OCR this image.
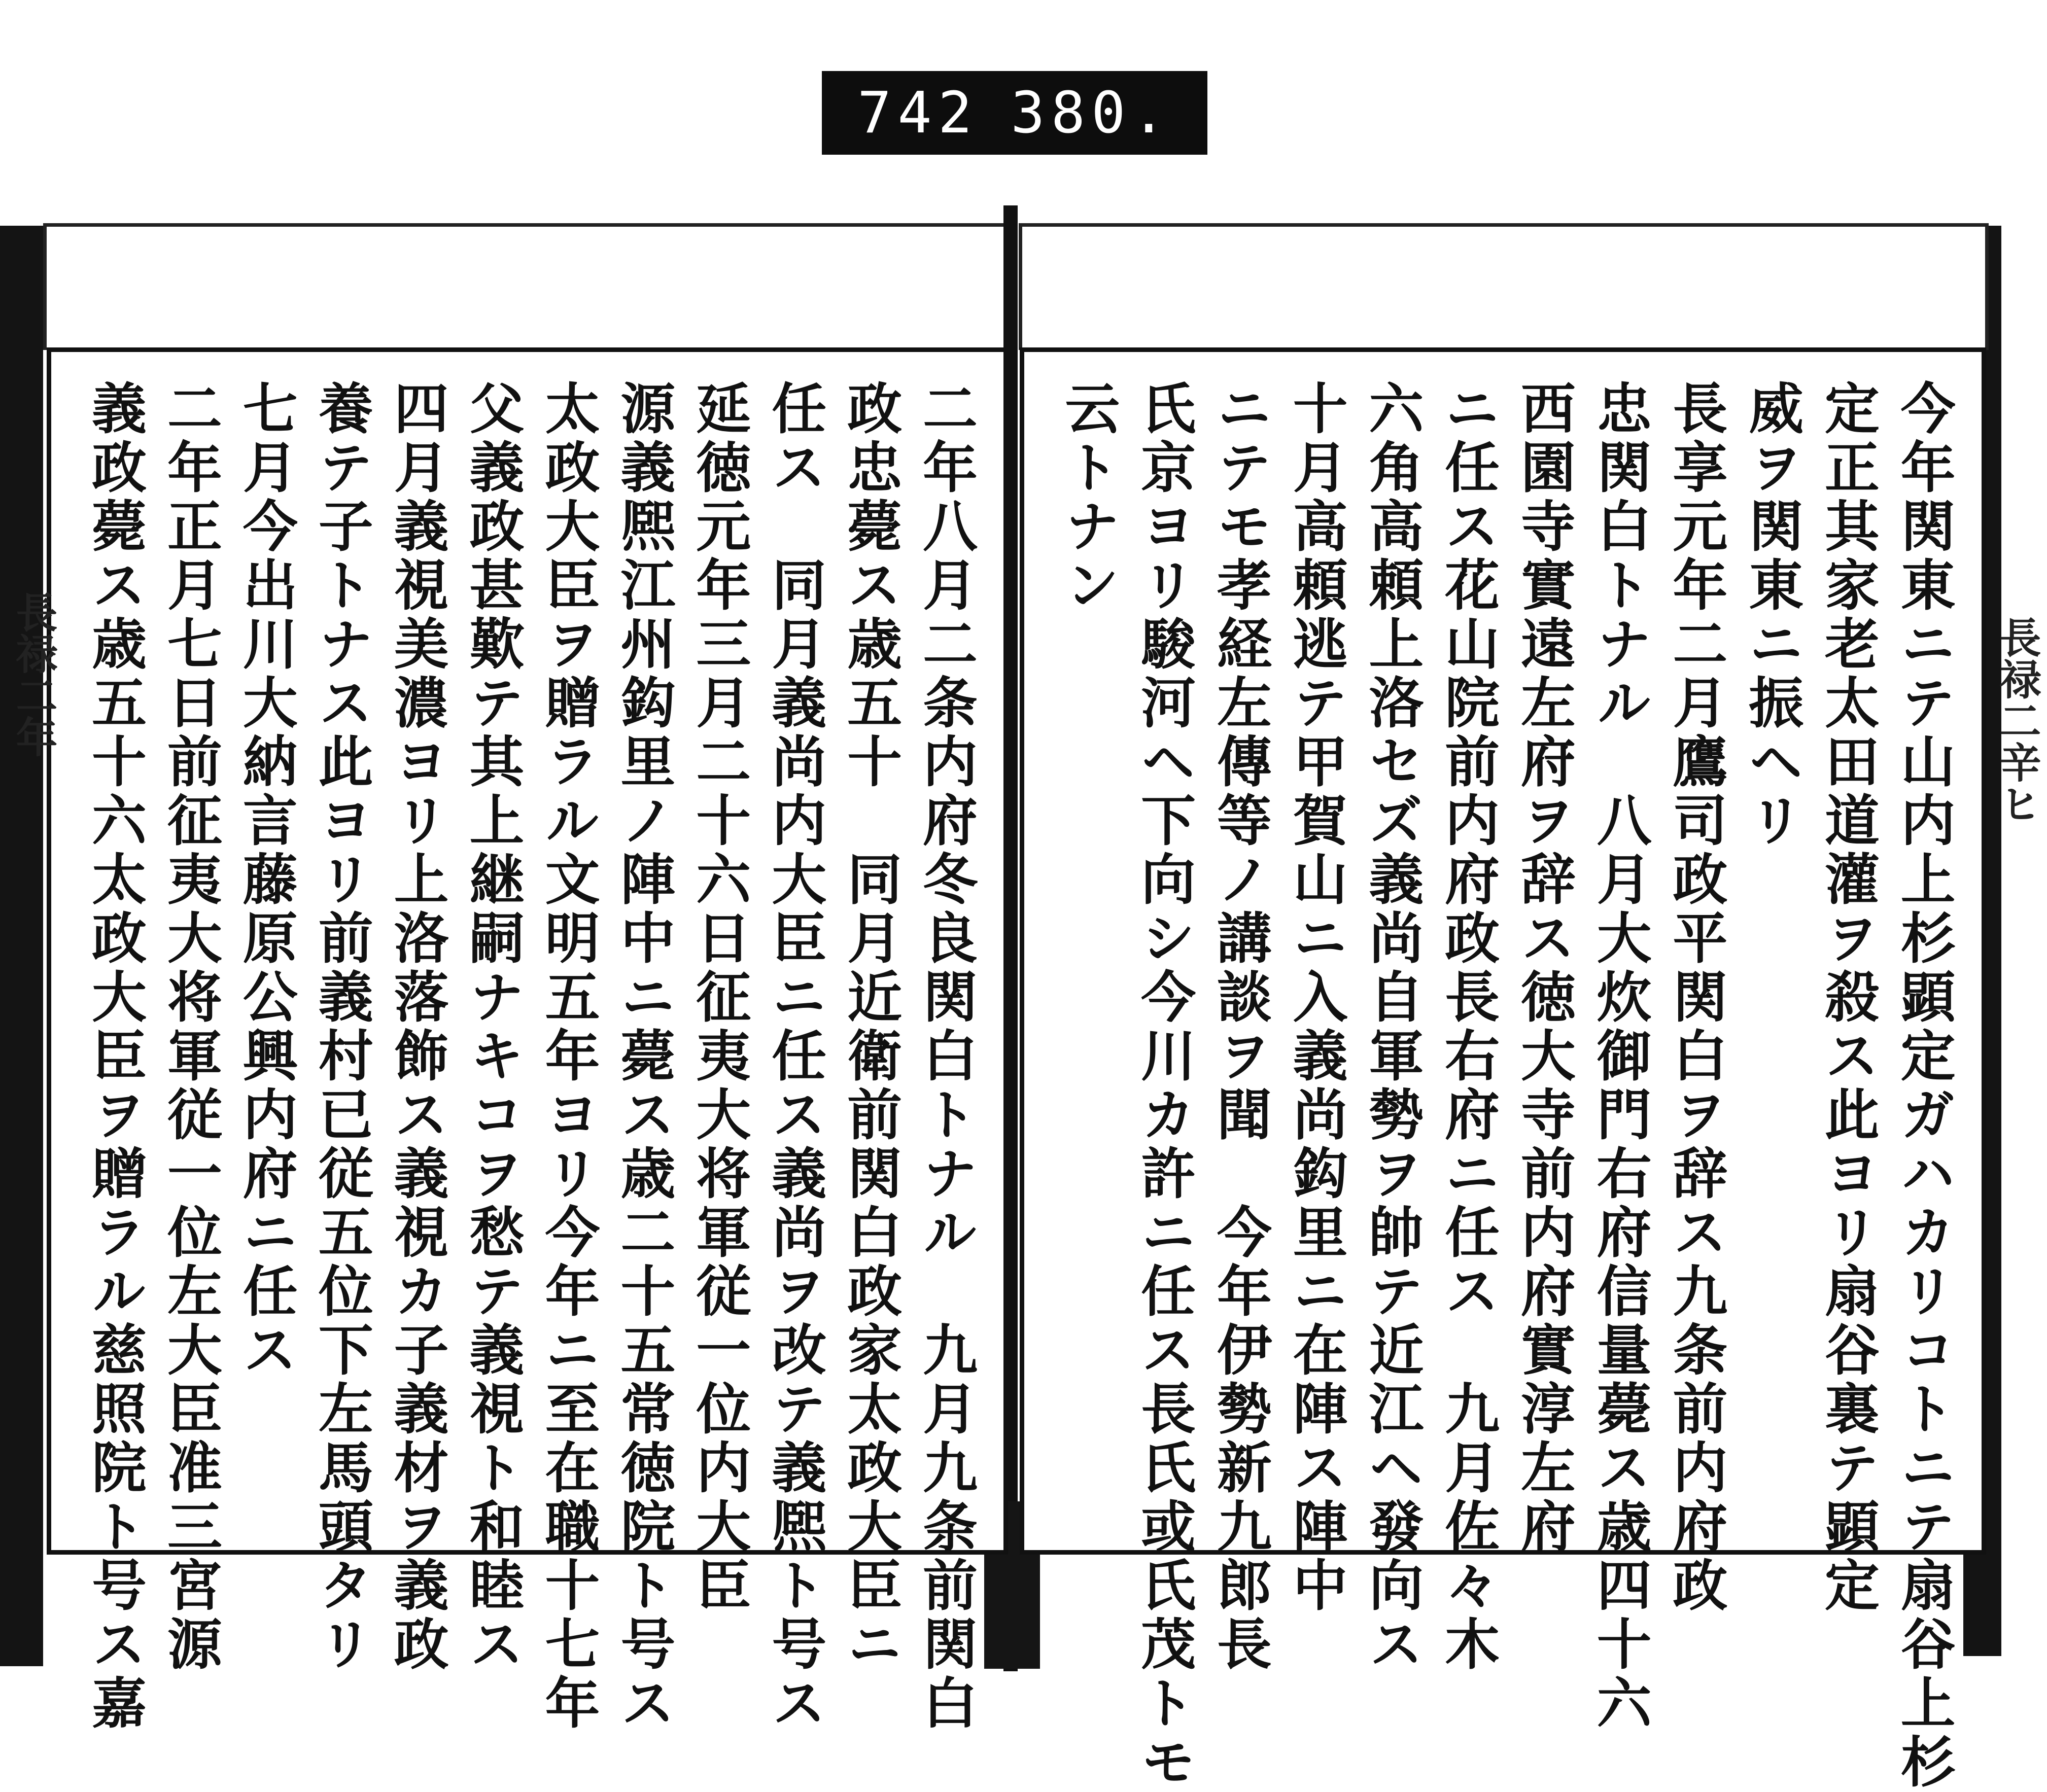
742 380.
二年八月二条内府冬良関白トナル　九月九条前関白
政忠薨ス歳五十　同月近衛前関白政家太政大臣ニ
任ス　同月義尚内大臣ニ任ス義尚ヲ改テ義熈ト号ス
延徳元年三月二十六日征夷大将軍従一位内大臣
源義熈江州鈎里ノ陣中ニ薨ス歳二十五常徳院ト号ス
太政大臣ヲ贈ラル文明五年ヨリ今年ニ至在職十七年
父義政甚歎テ其上継嗣ナキコヲ愁テ義視ト和睦ス
四月義視美濃ヨリ上洛落飾ス義視カ子義材ヲ義政
養テ子トナス此ヨリ前義村已従五位下左馬頭タリ
七月今出川大納言藤原公興内府ニ任ス
二年正月七日前征夷大将軍従一位左大臣准三宮源
義政薨ス歳五十六太政大臣ヲ贈ラル慈照院ト号ス嘉	今年関東ニテ山内上杉顕定ガハカリコトニテ扇谷上杉
定正其家老太田道灌ヲ殺ス此ヨリ扇谷裏テ顕定
威ヲ関東ニ振ヘリ
長享元年二月鷹司政平関白ヲ辞ス九条前内府政
忠関白トナル　八月大炊御門右府信量薨ス歳四十六
西園寺實遠左府ヲ辞ス徳大寺前内府實淳左府
ニ任ス花山院前内府政長右府ニ任ス　九月佐々木
六角高頼上洛セズ義尚自軍勢ヲ帥テ近江ヘ發向ス
十月高頼逃テ甲賀山ニ入義尚鈎里ニ在陣ス陣中
ニテモ孝経左傳等ノ講談ヲ聞　今年伊勢新九郎長
氏京ヨリ駿河ヘ下向シ今川カ許ニ任ス長氏或氏茂トモ
云トナン
長禄二辛ヒ
長禄二年
